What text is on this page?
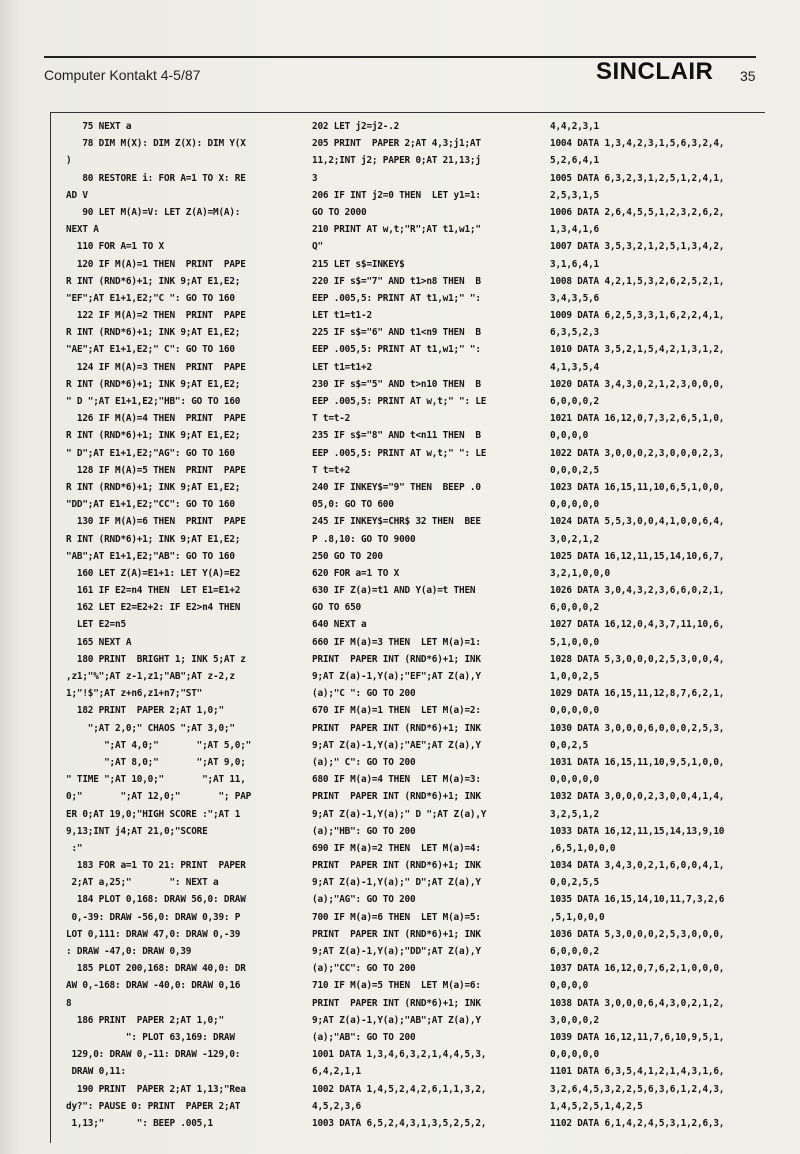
Computer Kontakt 4-5/87	SINCLAIR 35
75 NEXT a
78 DIM M(X): DIM Z(X): DIM Y(X
)
80 RESTORE i: FOR A=1 TO X: RE
AD V
90 LET M(A)=V: LET Z(A)=M(A):
NEXT A
110 FOR A=1 TO X
120 IF M(A)=1 THEN  PRINT  PAPE
R INT (RND*6)+1; INK 9;AT E1,E2;
"EF";AT E1+1,E2;"C ": GO TO 160
122 IF M(A)=2 THEN  PRINT  PAPE
R INT (RND*6)+1; INK 9;AT E1,E2;
"AE";AT E1+1,E2;" C": GO TO 160
124 IF M(A)=3 THEN  PRINT  PAPE
R INT (RND*6)+1; INK 9;AT E1,E2;
" D ";AT E1+1,E2;"HB": GO TO 160
126 IF M(A)=4 THEN  PRINT  PAPE
R INT (RND*6)+1; INK 9;AT E1,E2;
" D";AT E1+1,E2;"AG": GO TO 160
128 IF M(A)=5 THEN  PRINT  PAPE
R INT (RND*6)+1; INK 9;AT E1,E2;
"DD";AT E1+1,E2;"CC": GO TO 160
130 IF M(A)=6 THEN  PRINT  PAPE
R INT (RND*6)+1; INK 9;AT E1,E2;
"AB";AT E1+1,E2;"AB": GO TO 160
160 LET Z(A)=E1+1: LET Y(A)=E2
161 IF E2=n4 THEN  LET E1=E1+2
162 LET E2=E2+2: IF E2>n4 THEN
LET E2=n5
165 NEXT A
180 PRINT  BRIGHT 1; INK 5;AT z
,z1;"%";AT z-1,z1;"AB";AT z-2,z
1;"!$";AT z+n6,z1+n7;"ST"
182 PRINT  PAPER 2;AT 1,0;"
";AT 2,0;" CHAOS ";AT 3,0;"
";AT 4,0;"       ";AT 5,0;"
";AT 8,0;"       ";AT 9,0;
" TIME ";AT 10,0;"       ";AT 11,
0;"       ";AT 12,0;"       "; PAP
ER 0;AT 19,0;"HIGH SCORE :";AT 1
9,13;INT j4;AT 21,0;"SCORE
:"
183 FOR a=1 TO 21: PRINT  PAPER
2;AT a,25;"       ": NEXT a
184 PLOT 0,168: DRAW 56,0: DRAW
0,-39: DRAW -56,0: DRAW 0,39: P
LOT 0,111: DRAW 47,0: DRAW 0,-39
: DRAW -47,0: DRAW 0,39
185 PLOT 200,168: DRAW 40,0: DR
AW 0,-168: DRAW -40,0: DRAW 0,16
8
186 PRINT  PAPER 2;AT 1,0;"
": PLOT 63,169: DRAW
129,0: DRAW 0,-11: DRAW -129,0:
DRAW 0,11:
190 PRINT  PAPER 2;AT 1,13;"Rea
dy?": PAUSE 0: PRINT  PAPER 2;AT
1,13;"      ": BEEP .005,1
202 LET j2=j2-.2
205 PRINT  PAPER 2;AT 4,3;j1;AT
11,2;INT j2; PAPER 0;AT 21,13;j
3
206 IF INT j2=0 THEN  LET y1=1:
GO TO 2000
210 PRINT AT w,t;"R";AT t1,w1;"
Q"
215 LET s$=INKEY$
220 IF s$="7" AND t1>n8 THEN  B
EEP .005,5: PRINT AT t1,w1;" ":
LET t1=t1-2
225 IF s$="6" AND t1<n9 THEN  B
EEP .005,5: PRINT AT t1,w1;" ":
LET t1=t1+2
230 IF s$="5" AND t>n10 THEN  B
EEP .005,5: PRINT AT w,t;" ": LE
T t=t-2
235 IF s$="8" AND t<n11 THEN  B
EEP .005,5: PRINT AT w,t;" ": LE
T t=t+2
240 IF INKEY$="9" THEN  BEEP .0
05,0: GO TO 600
245 IF INKEY$=CHR$ 32 THEN  BEE
P .8,10: GO TO 9000
250 GO TO 200
620 FOR a=1 TO X
630 IF Z(a)=t1 AND Y(a)=t THEN
GO TO 650
640 NEXT a
660 IF M(a)=3 THEN  LET M(a)=1:
PRINT  PAPER INT (RND*6)+1; INK
9;AT Z(a)-1,Y(a);"EF";AT Z(a),Y
(a);"C ": GO TO 200
670 IF M(a)=1 THEN  LET M(a)=2:
PRINT  PAPER INT (RND*6)+1; INK
9;AT Z(a)-1,Y(a);"AE";AT Z(a),Y
(a);" C": GO TO 200
680 IF M(a)=4 THEN  LET M(a)=3:
PRINT  PAPER INT (RND*6)+1; INK
9;AT Z(a)-1,Y(a);" D ";AT Z(a),Y
(a);"HB": GO TO 200
690 IF M(a)=2 THEN  LET M(a)=4:
PRINT  PAPER INT (RND*6)+1; INK
9;AT Z(a)-1,Y(a);" D";AT Z(a),Y
(a);"AG": GO TO 200
700 IF M(a)=6 THEN  LET M(a)=5:
PRINT  PAPER INT (RND*6)+1; INK
9;AT Z(a)-1,Y(a);"DD";AT Z(a),Y
(a);"CC": GO TO 200
710 IF M(a)=5 THEN  LET M(a)=6:
PRINT  PAPER INT (RND*6)+1; INK
9;AT Z(a)-1,Y(a);"AB";AT Z(a),Y
(a);"AB": GO TO 200
1001 DATA 1,3,4,6,3,2,1,4,4,5,3,
6,4,2,1,1
1002 DATA 1,4,5,2,4,2,6,1,1,3,2,
4,5,2,3,6
1003 DATA 6,5,2,4,3,1,3,5,2,5,2,
4,4,2,3,1
1004 DATA 1,3,4,2,3,1,5,6,3,2,4,
5,2,6,4,1
1005 DATA 6,3,2,3,1,2,5,1,2,4,1,
2,5,3,1,5
1006 DATA 2,6,4,5,5,1,2,3,2,6,2,
1,3,4,1,6
1007 DATA 3,5,3,2,1,2,5,1,3,4,2,
3,1,6,4,1
1008 DATA 4,2,1,5,3,2,6,2,5,2,1,
3,4,3,5,6
1009 DATA 6,2,5,3,3,1,6,2,2,4,1,
6,3,5,2,3
1010 DATA 3,5,2,1,5,4,2,1,3,1,2,
4,1,3,5,4
1020 DATA 3,4,3,0,2,1,2,3,0,0,0,
6,0,0,0,2
1021 DATA 16,12,0,7,3,2,6,5,1,0,
0,0,0,0
1022 DATA 3,0,0,0,2,3,0,0,0,2,3,
0,0,0,2,5
1023 DATA 16,15,11,10,6,5,1,0,0,
0,0,0,0,0
1024 DATA 5,5,3,0,0,4,1,0,0,6,4,
3,0,2,1,2
1025 DATA 16,12,11,15,14,10,6,7,
3,2,1,0,0,0
1026 DATA 3,0,4,3,2,3,6,6,0,2,1,
6,0,0,0,2
1027 DATA 16,12,0,4,3,7,11,10,6,
5,1,0,0,0
1028 DATA 5,3,0,0,0,2,5,3,0,0,4,
1,0,0,2,5
1029 DATA 16,15,11,12,8,7,6,2,1,
0,0,0,0,0
1030 DATA 3,0,0,0,6,0,0,0,2,5,3,
0,0,2,5
1031 DATA 16,15,11,10,9,5,1,0,0,
0,0,0,0,0
1032 DATA 3,0,0,0,2,3,0,0,4,1,4,
3,2,5,1,2
1033 DATA 16,12,11,15,14,13,9,10
,6,5,1,0,0,0
1034 DATA 3,4,3,0,2,1,6,0,0,4,1,
0,0,2,5,5
1035 DATA 16,15,14,10,11,7,3,2,6
,5,1,0,0,0
1036 DATA 5,3,0,0,0,2,5,3,0,0,0,
6,0,0,0,2
1037 DATA 16,12,0,7,6,2,1,0,0,0,
0,0,0,0
1038 DATA 3,0,0,0,6,4,3,0,2,1,2,
3,0,0,0,2
1039 DATA 16,12,11,7,6,10,9,5,1,
0,0,0,0,0
1101 DATA 6,3,5,4,1,2,1,4,3,1,6,
3,2,6,4,5,3,2,2,5,6,3,6,1,2,4,3,
1,4,5,2,5,1,4,2,5
1102 DATA 6,1,4,2,4,5,3,1,2,6,3,
